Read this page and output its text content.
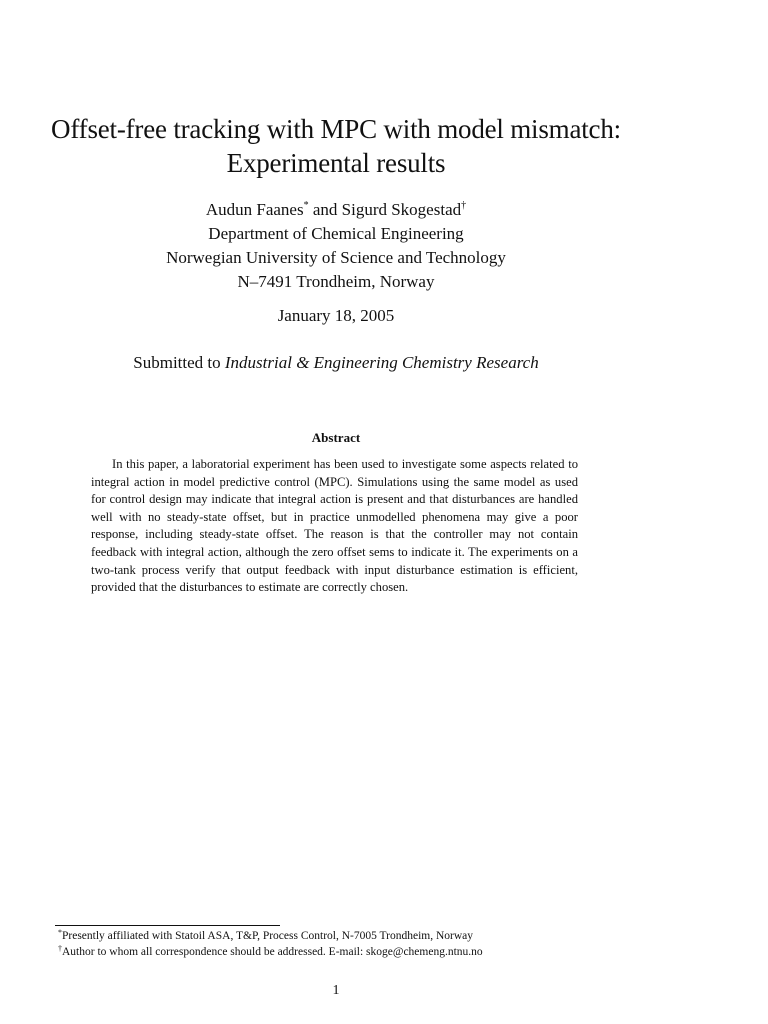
Offset-free tracking with MPC with model mismatch:
Experimental results
Audun Faanes* and Sigurd Skogestad†
Department of Chemical Engineering
Norwegian University of Science and Technology
N–7491 Trondheim, Norway
January 18, 2005
Submitted to Industrial & Engineering Chemistry Research
Abstract

In this paper, a laboratorial experiment has been used to investigate some aspects related to integral action in model predictive control (MPC). Simulations using the same model as used for control design may indicate that integral action is present and that disturbances are handled well with no steady-state offset, but in practice unmodelled phenomena may give a poor response, including steady-state offset. The reason is that the controller may not contain feedback with integral action, although the zero offset sems to indicate it. The experiments on a two-tank process verify that output feedback with input disturbance estimation is efficient, provided that the disturbances to estimate are correctly chosen.

*Presently affiliated with Statoil ASA, T&P, Process Control, N-7005 Trondheim, Norway
†Author to whom all correspondence should be addressed. E-mail: skoge@chemeng.ntnu.no
1
